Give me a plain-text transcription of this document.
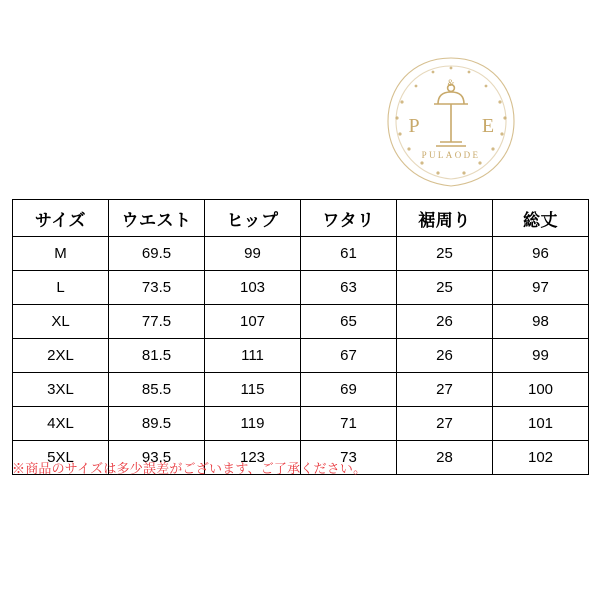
&
P	E
PULAODE
サイズ	ウエスト	ヒップ	ワタリ	裾周り	総丈
M	69.5	99	61	25	96
L	73.5	103	63	25	97
XL	77.5	107	65	26	98
2XL	81.5	111	67	26	99
3XL	85.5	115	69	27	100
4XL	89.5	119	71	27	101
5XL	93.5	123	73	28	102
※商品のサイズは多少誤差がございます、ご了承ください。
